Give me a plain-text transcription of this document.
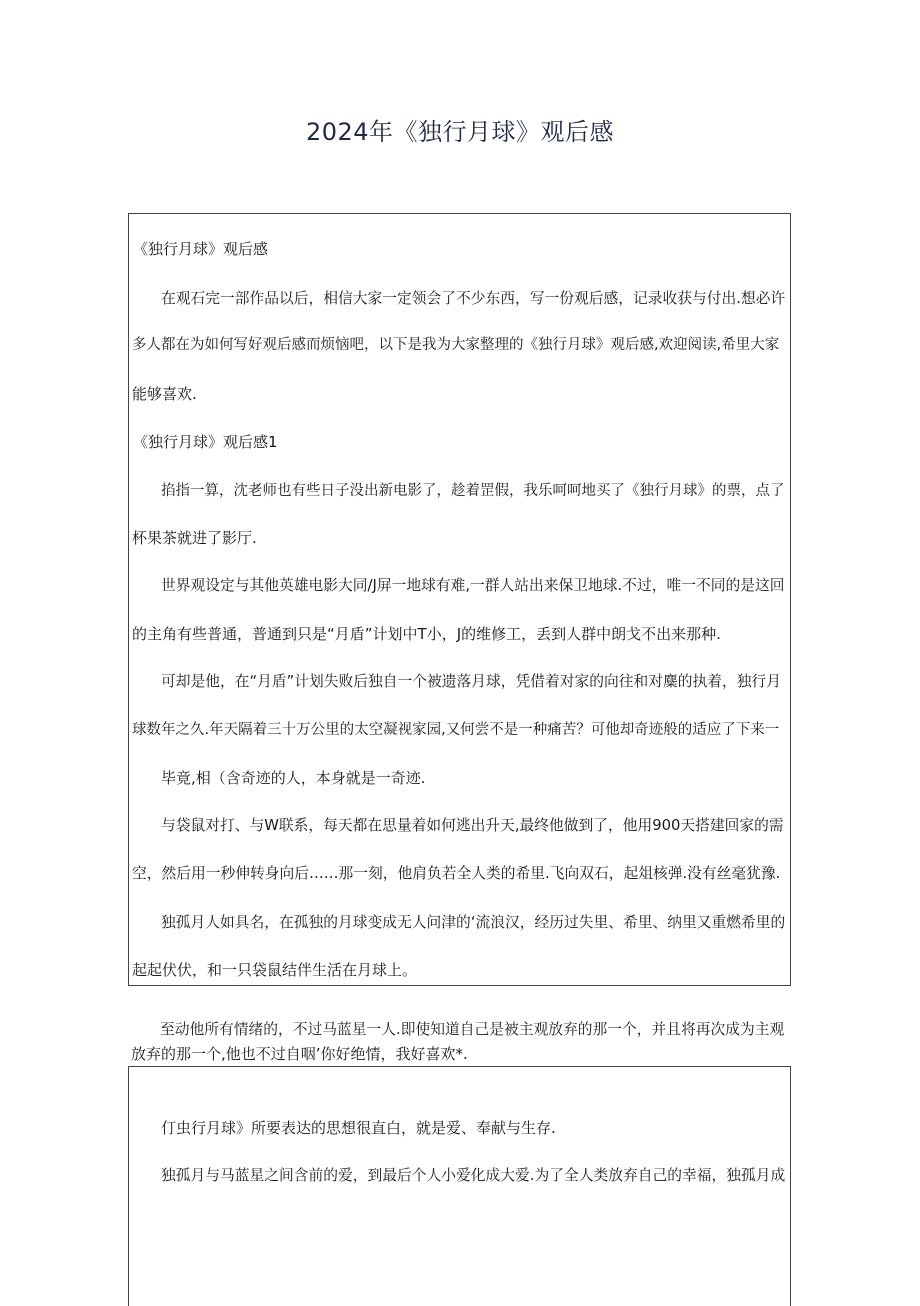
2024年《独行月球》观后感

《独行月球》观后感

在观石完一部作品以后，相信大家一定领会了不少东西，写一份观后感，记录收获与付出.想必许

多人都在为如何写好观后感而烦恼吧，以下是我为大家整理的《独行月球》观后感,欢迎阅读,希里大家

能够喜欢.

《独行月球》观后感1

掐指一算，沈老师也有些日子没出新电影了，趁着罡假，我乐呵呵地买了《独行月球》的票，点了

杯果茶就进了影厅.

世界观设定与其他英雄电影大同/J屏一地球有难,一群人站出来保卫地球.不过，唯一不同的是这回

的主角有些普通，普通到只是“月盾”计划中T小，J的维修工，丢到人群中朗戈不出来那种.

可却是他，在“月盾”计划失败后独自一个被遗落月球，凭借着对家的向往和对麋的执着，独行月

球数年之久.年天隔着三十万公里的太空凝视家园,又何尝不是一种痛苦？可他却奇迹般的适应了下来一

毕竟,相（含奇迹的人，本身就是一奇迹.

与袋鼠对打、与W联系，每天都在思量着如何逃出升天,最终他做到了，他用900天搭建回家的需

空，然后用一秒伸转身向后……那一刻，他肩负若全人类的希里.飞向双石，起俎核弹.没有丝毫犹豫.

独孤月人如具名，在孤独的月球变成无人问津的‘流浪汉，经历过失里、希里、纳里又重燃希里的

起起伏伏，和一只袋鼠结伴生活在月球上。

至动他所有情绪的，不过马蓝星一人.即使知道自己是被主观放弃的那一个，并且将再次成为主观

放弃的那一个,他也不过自咽’你好绝情，我好喜欢*.

仃虫行月球》所要表达的思想很直白，就是爱、奉献与生存.

独孤月与马蓝星之间含前的爱，到最后个人小爱化成大爱.为了全人类放弃自己的幸福，独孤月成
